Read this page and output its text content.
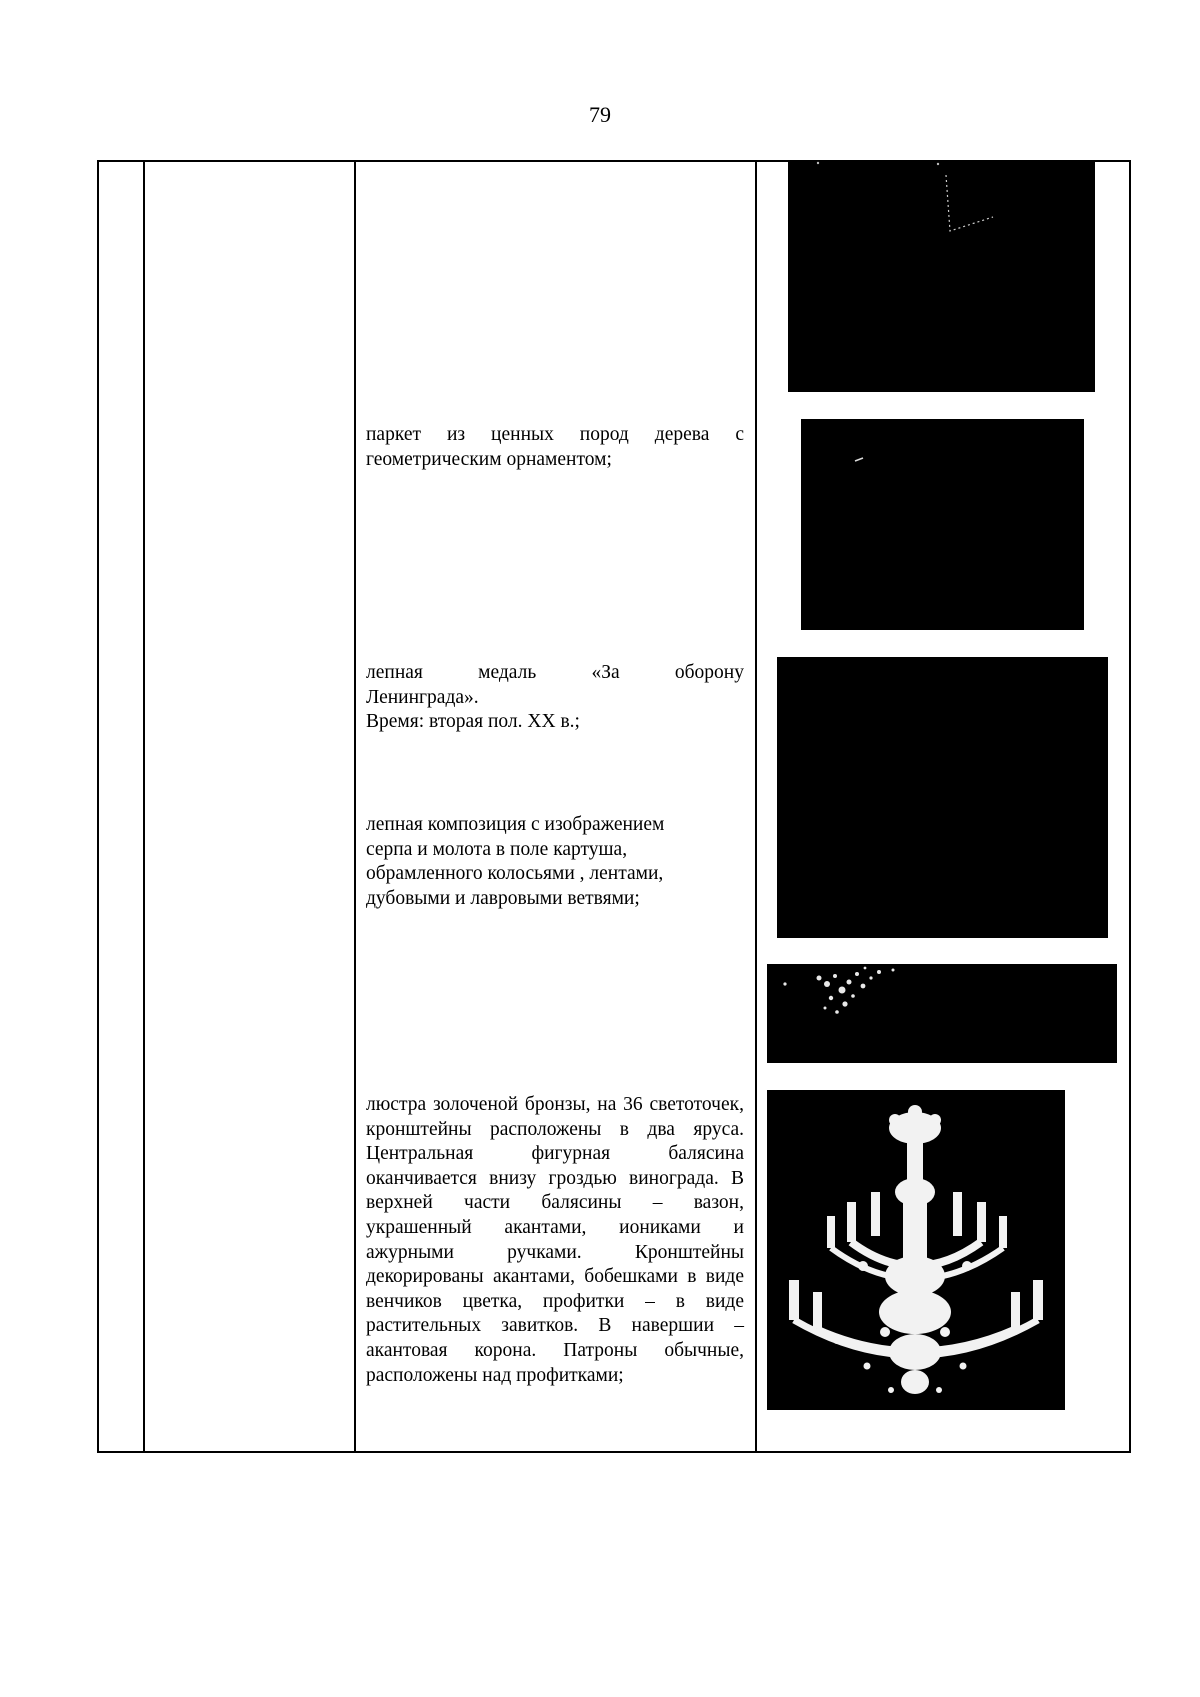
79
паркет из ценных пород дерева с
геометрическим орнаментом;
лепная медаль «За оборону
Ленинграда».
Время: вторая пол. XX в.;
лепная композиция с изображением
серпа и молота в поле картуша,
обрамленного колосьями , лентами,
дубовыми и лавровыми ветвями;
люстра золоченой бронзы, на 36 светоточек, кронштейны расположены в два яруса. Центральная фигурная балясина оканчивается внизу гроздью винограда. В верхней части балясины – вазон, украшенный акантами, иониками и ажурными ручками. Кронштейны декорированы акантами, бобешками в виде венчиков цветка, профитки – в виде растительных завитков. В навершии – акантовая корона. Патроны обычные, расположены над профитками;
